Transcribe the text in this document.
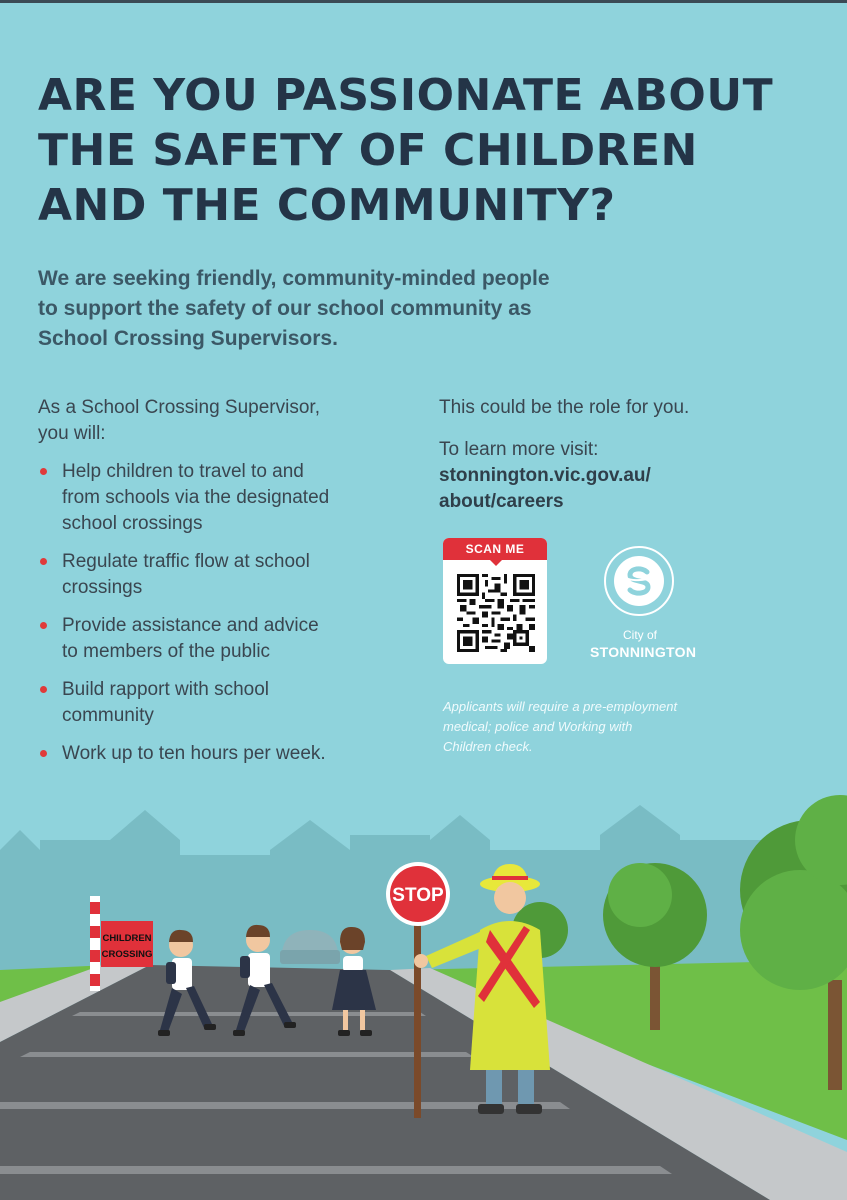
ARE YOU PASSIONATE ABOUT
THE SAFETY OF CHILDREN
AND THE COMMUNITY?

We are seeking friendly, community-minded people
to support the safety of our school community as
School Crossing Supervisors.

As a School Crossing Supervisor,
you will:
Help children to travel to and
from schools via the designated
school crossings
Regulate traffic flow at school
crossings
Provide assistance and advice
to members of the public
Build rapport with school
community
Work up to ten hours per week.

This could be the role for you.

To learn more visit:

stonnington.vic.gov.au/
about/careers
SCAN ME
City of
STONNINGTON
Applicants will require a pre-employment
medical; police and Working with
Children check.
CHILDREN
CROSSING
STOP
